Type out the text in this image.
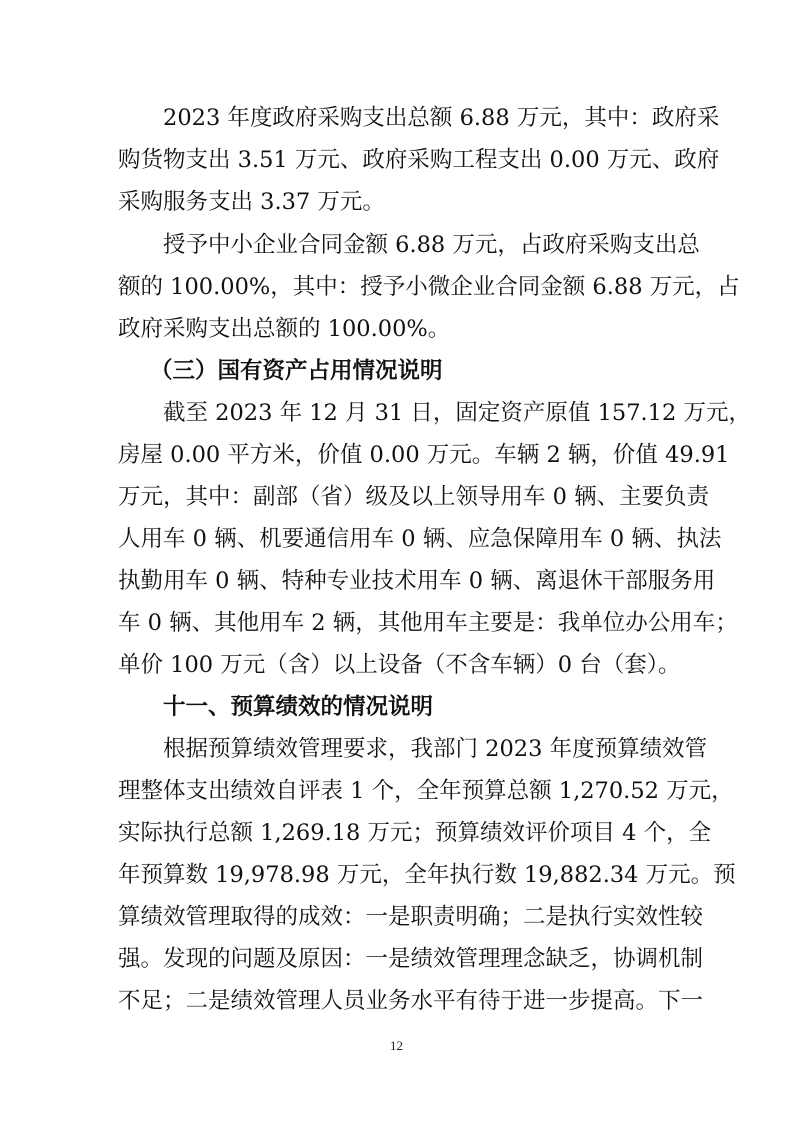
2023 年度政府采购支出总额 6.88 万元，其中：政府采
购货物支出 3.51 万元、政府采购工程支出 0.00 万元、政府
采购服务支出 3.37 万元。
授予中小企业合同金额 6.88 万元，占政府采购支出总
额的 100.00%，其中：授予小微企业合同金额 6.88 万元，占
政府采购支出总额的 100.00%。
（三）国有资产占用情况说明
截至 2023 年 12 月 31 日，固定资产原值 157.12 万元，
房屋 0.00 平方米，价值 0.00 万元。车辆 2 辆，价值 49.91
万元，其中：副部（省）级及以上领导用车 0 辆、主要负责
人用车 0 辆、机要通信用车 0 辆、应急保障用车 0 辆、执法
执勤用车 0 辆、特种专业技术用车 0 辆、离退休干部服务用
车 0 辆、其他用车 2 辆，其他用车主要是：我单位办公用车；
单价 100 万元（含）以上设备（不含车辆）0 台（套）。
十一、预算绩效的情况说明
根据预算绩效管理要求，我部门 2023 年度预算绩效管
理整体支出绩效自评表 1 个，全年预算总额 1,270.52 万元，
实际执行总额 1,269.18 万元；预算绩效评价项目 4 个，全
年预算数 19,978.98 万元，全年执行数 19,882.34 万元。预
算绩效管理取得的成效：一是职责明确；二是执行实效性较
强。发现的问题及原因：一是绩效管理理念缺乏，协调机制
不足；二是绩效管理人员业务水平有待于进一步提高。下一
12
